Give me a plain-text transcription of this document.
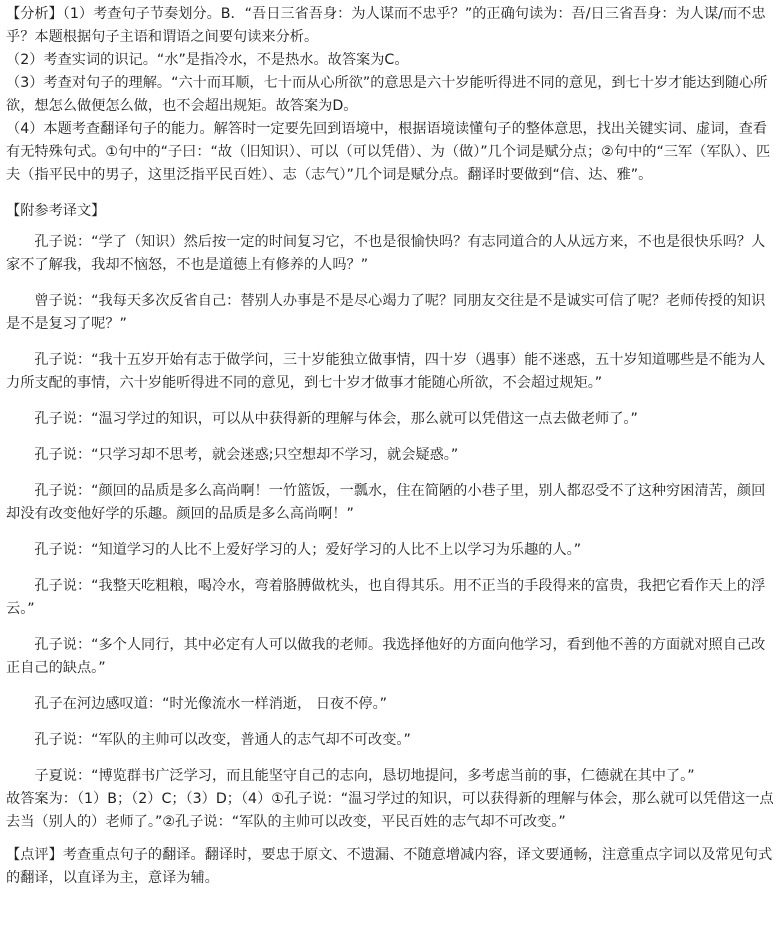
【分析】（1）考查句子节奏划分。B．“吾日三省吾身：为人谋而不忠乎？”的正确句读为：吾/日三省吾身：为人谋/而不忠乎？本题根据句子主语和谓语之间要句读来分析。

（2）考查实词的识记。“水”是指冷水，不是热水。故答案为C。

（3）考查对句子的理解。“六十而耳顺，七十而从心所欲”的意思是六十岁能听得进不同的意见，到七十岁才能达到随心所欲，想怎么做便怎么做，也不会超出规矩。故答案为D。

（4）本题考查翻译句子的能力。解答时一定要先回到语境中，根据语境读懂句子的整体意思，找出关键实词、虚词，查看有无特殊句式。①句中的“子曰：“故（旧知识）、可以（可以凭借）、为（做）”几个词是赋分点；②句中的“三军（军队）、匹夫（指平民中的男子，这里泛指平民百姓）、志（志气）”几个词是赋分点。翻译时要做到“信、达、雅”。

【附参考译文】

孔子说：“学了（知识）然后按一定的时间复习它，不也是很愉快吗？有志同道合的人从远方来，不也是很快乐吗？人家不了解我，我却不恼怒，不也是道德上有修养的人吗？”

曾子说：“我每天多次反省自己：替别人办事是不是尽心竭力了呢？同朋友交往是不是诚实可信了呢？老师传授的知识是不是复习了呢？”

孔子说：“我十五岁开始有志于做学问，三十岁能独立做事情，四十岁（遇事）能不迷惑，五十岁知道哪些是不能为人力所支配的事情，六十岁能听得进不同的意见，到七十岁才做事才能随心所欲，不会超过规矩。”

孔子说：“温习学过的知识，可以从中获得新的理解与体会，那么就可以凭借这一点去做老师了。”

孔子说：“只学习却不思考，就会迷惑;只空想却不学习，就会疑惑。”

孔子说：“颜回的品质是多么高尚啊！一竹篮饭，一瓢水，住在简陋的小巷子里，别人都忍受不了这种穷困清苦，颜回却没有改变他好学的乐趣。颜回的品质是多么高尚啊！”

孔子说：“知道学习的人比不上爱好学习的人；爱好学习的人比不上以学习为乐趣的人。”

孔子说：“我整天吃粗粮，喝冷水，弯着胳膊做枕头，也自得其乐。用不正当的手段得来的富贵，我把它看作天上的浮云。”

孔子说：“多个人同行，其中必定有人可以做我的老师。我选择他好的方面向他学习，看到他不善的方面就对照自己改正自己的缺点。”

孔子在河边感叹道：“时光像流水一样消逝， 日夜不停。”

孔子说：“军队的主帅可以改变，普通人的志气却不可改变。”

子夏说：“博览群书广泛学习，而且能坚守自己的志向，恳切地提问，多考虑当前的事，仁德就在其中了。”

故答案为：（1）B；（2）C；（3）D；（4）①孔子说：“温习学过的知识，可以获得新的理解与体会，那么就可以凭借这一点去当（别人的）老师了。”②孔子说：“军队的主帅可以改变，平民百姓的志气却不可改变。”

【点评】考查重点句子的翻译。翻译时，要忠于原文、不遗漏、不随意增减内容，译文要通畅，注意重点字词以及常见句式的翻译，以直译为主，意译为辅。
